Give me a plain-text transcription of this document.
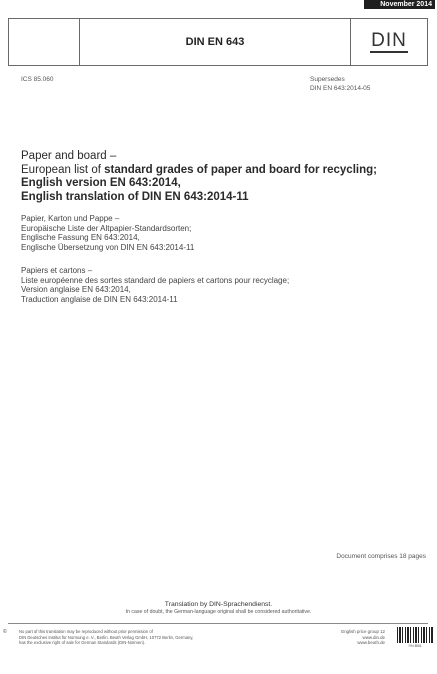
November 2014
DIN EN 643	DIN
ICS 85.060	Supersedes
DIN EN 643:2014-05
Paper and board –
European list of standard grades of paper and board for recycling;
English version EN 643:2014,
English translation of DIN EN 643:2014-11
Papier, Karton und Pappe –
Europäische Liste der Altpapier-Standardsorten;
Englische Fassung EN 643:2014,
Englische Übersetzung von DIN EN 643:2014-11
Papiers et cartons –
Liste européenne des sortes standard de papiers et cartons pour recyclage;
Version anglaise EN 643:2014,
Traduction anglaise de DIN EN 643:2014-11
Document comprises 18 pages
Translation by DIN-Sprachendienst.
In case of doubt, the German-language original shall be considered authoritative.
©	No part of this translation may be reproduced without prior permission of
DIN Deutsches Institut für Normung e. V., Berlin. Beuth Verlag GmbH, 10772 Berlin, Germany,
has the exclusive right of sale for German Standards (DIN-Normen).
English price group 12
www.din.de
www.beuth.de
!%<B5&
